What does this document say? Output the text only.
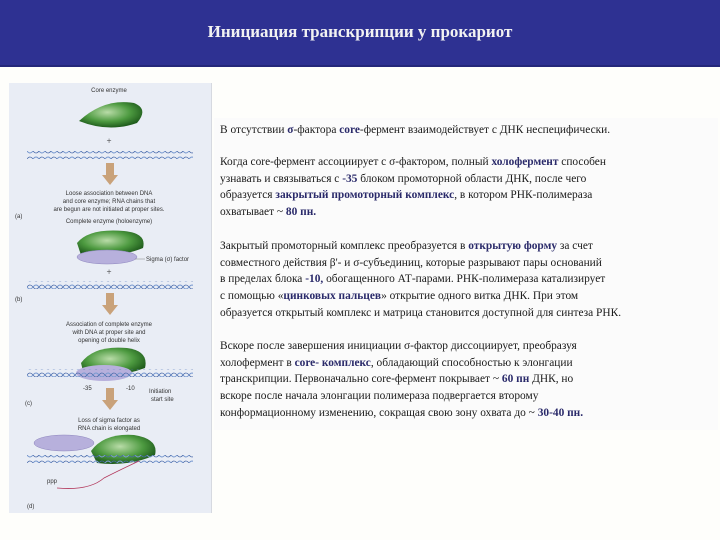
Инициация транскрипции у прокариот
Core enzyme
+
Loose association between DNA
and core enzyme; RNA chains that
are begun are not initiated at proper sites.
(a)
Complete enzyme (holoenzyme)
Sigma (σ) factor
+
(b)
Association of complete enzyme
with DNA at proper site and
opening of double helix
-35	-10 Initiation
start site
(c)
Loss of sigma factor as
RNA chain is elongated
ppp
(d)
В отсутствии σ-фактора core-фермент взаимодействует с ДНК неспецифически.
Когда core-фермент ассоциирует с σ-фактором, полный холофермент способен
узнавать и связываться с -35 блоком промоторной области ДНК, после чего
образуется закрытый промоторный комплекс, в котором РНК-полимераза
охватывает ~ 80 пн.
Закрытый промоторный комплекс преобразуется в открытую форму за счет
совместного действия β'- и σ-субъединиц, которые разрывают пары оснований
в пределах блока -10, обогащенного АТ-парами. РНК-полимераза катализирует
с помощью «цинковых пальцев» открытие одного витка ДНК. При этом
образуется открытый комплекс и матрица становится доступной для синтеза РНК.
Вскоре после завершения инициации σ-фактор диссоциирует, преобразуя
холофермент в core- комплекс, обладающий способностью к элонгации
транскрипции. Первоначально core-фермент покрывает ~ 60 пн ДНК, но
вскоре после начала элонгации полимераза подвергается второму
конформационному изменению, сокращая свою зону охвата до ~ 30-40 пн.
